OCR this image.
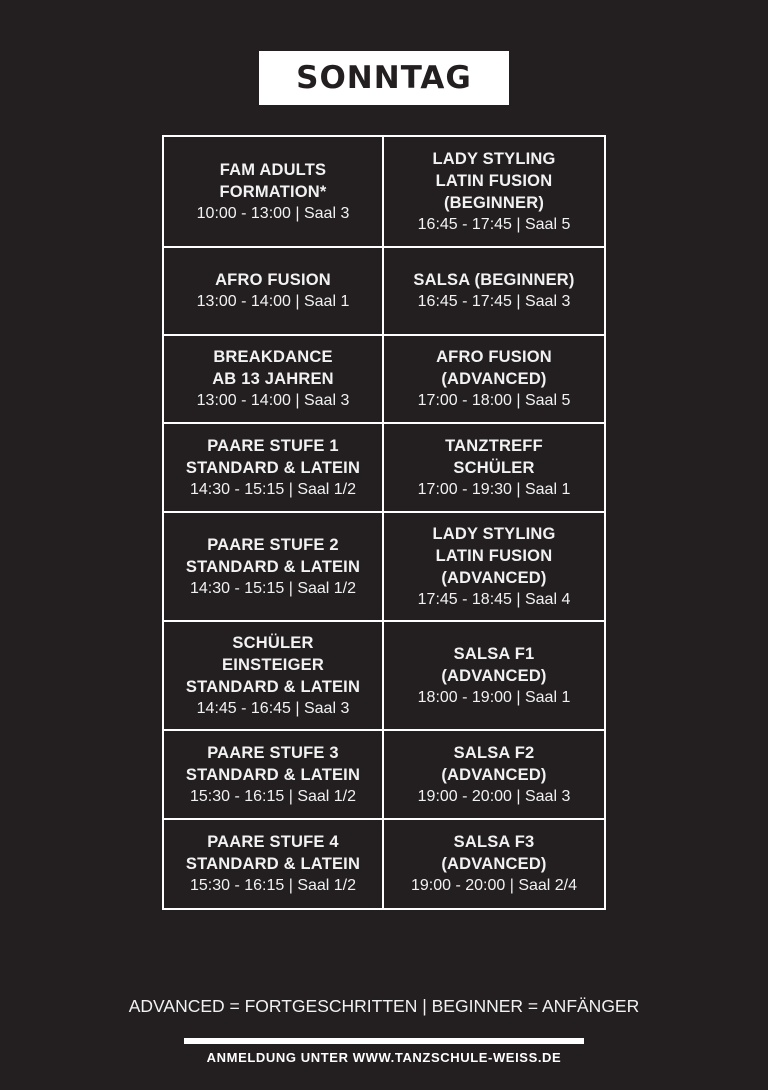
SONNTAG
FAM ADULTS
FORMATION*
10:00 - 13:00 | Saal 3
LADY STYLING
LATIN FUSION
(BEGINNER)
16:45 - 17:45 | Saal 5
AFRO FUSION
13:00 - 14:00 | Saal 1
SALSA (BEGINNER)
16:45 - 17:45 | Saal 3
BREAKDANCE
AB 13 JAHREN
13:00 - 14:00 | Saal 3
AFRO FUSION
(ADVANCED)
17:00 - 18:00 | Saal 5
PAARE STUFE 1
STANDARD & LATEIN
14:30 - 15:15 | Saal 1/2
TANZTREFF
SCHÜLER
17:00 - 19:30 | Saal 1
PAARE STUFE 2
STANDARD & LATEIN
14:30 - 15:15 | Saal 1/2
LADY STYLING
LATIN FUSION
(ADVANCED)
17:45 - 18:45 | Saal 4
SCHÜLER
EINSTEIGER
STANDARD & LATEIN
14:45 - 16:45 | Saal 3
SALSA F1
(ADVANCED)
18:00 - 19:00 | Saal 1
PAARE STUFE 3
STANDARD & LATEIN
15:30 - 16:15 | Saal 1/2
SALSA F2
(ADVANCED)
19:00 - 20:00 | Saal 3
PAARE STUFE 4
STANDARD & LATEIN
15:30 - 16:15 | Saal 1/2
SALSA F3
(ADVANCED)
19:00 - 20:00 | Saal 2/4
ADVANCED = FORTGESCHRITTEN | BEGINNER = ANFÄNGER
ANMELDUNG UNTER WWW.TANZSCHULE-WEISS.DE
